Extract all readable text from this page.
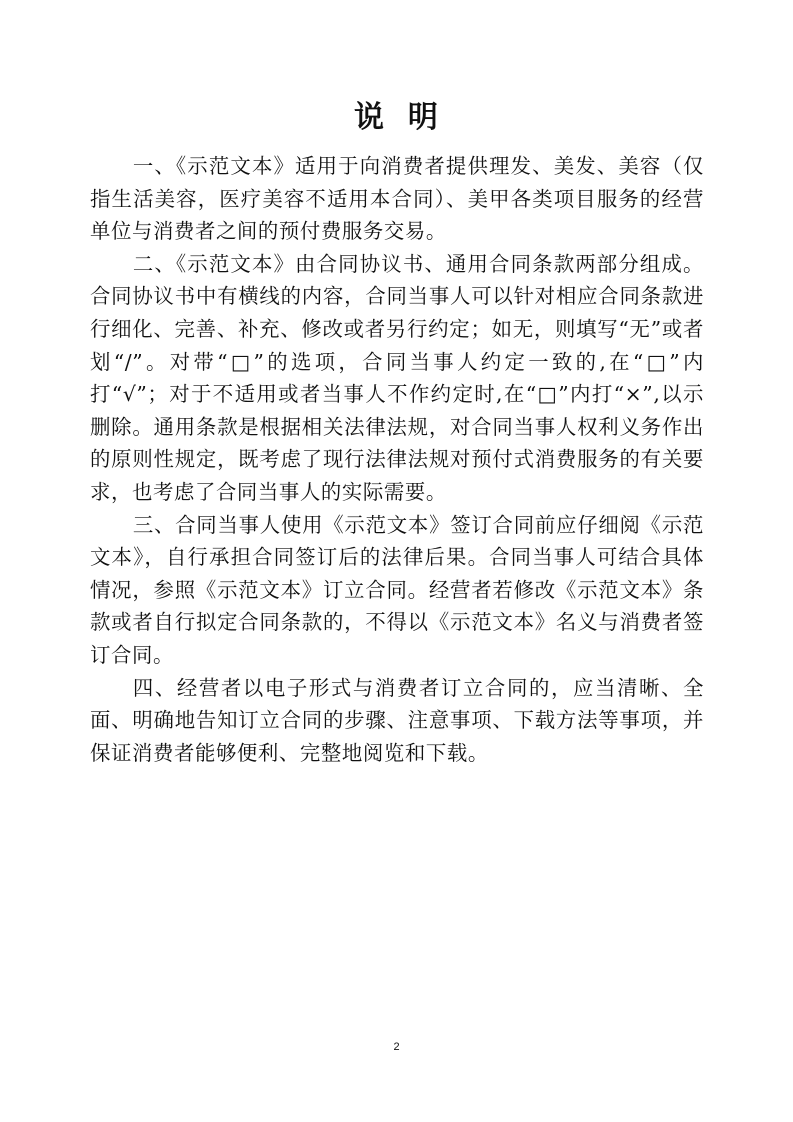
说  明

一、《示范文本》适用于向消费者提供理发、美发、美容（仅指生活美容，医疗美容不适用本合同）、美甲各类项目服务的经营单位与消费者之间的预付费服务交易。

二、《示范文本》由合同协议书、通用合同条款两部分组成。合同协议书中有横线的内容，合同当事人可以针对相应合同条款进行细化、完善、补充、修改或者另行约定；如无，则填写“无”或者划“/”。对带“□”的选项，合同当事人约定一致的,在“□”内打“√”；对于不适用或者当事人不作约定时,在“□”内打“×”,以示删除。通用条款是根据相关法律法规，对合同当事人权利义务作出的原则性规定，既考虑了现行法律法规对预付式消费服务的有关要求，也考虑了合同当事人的实际需要。

三、合同当事人使用《示范文本》签订合同前应仔细阅《示范文本》，自行承担合同签订后的法律后果。合同当事人可结合具体情况，参照《示范文本》订立合同。经营者若修改《示范文本》条款或者自行拟定合同条款的，不得以《示范文本》名义与消费者签订合同。

四、经营者以电子形式与消费者订立合同的，应当清晰、全面、明确地告知订立合同的步骤、注意事项、下载方法等事项，并保证消费者能够便利、完整地阅览和下载。

2
